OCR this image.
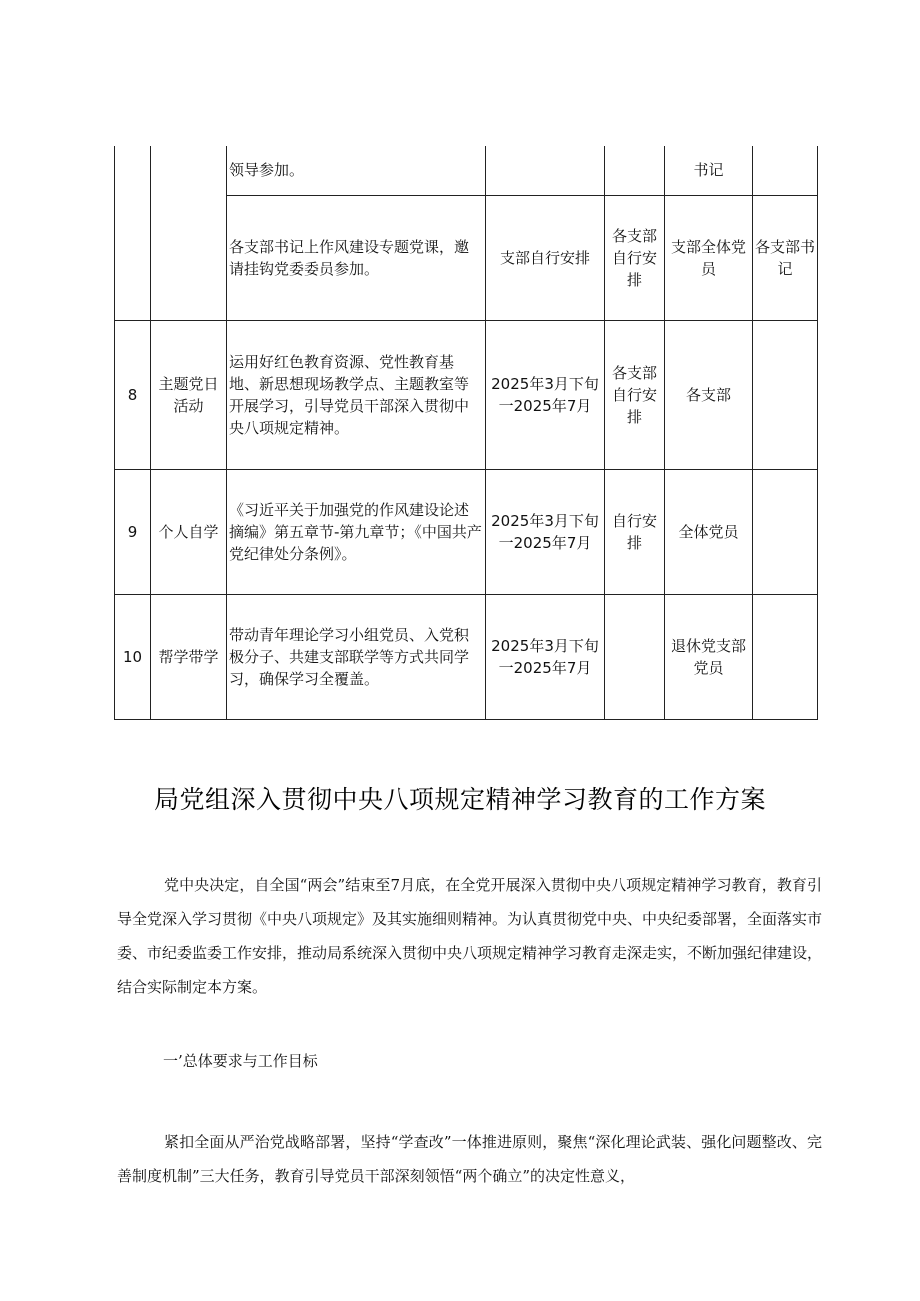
		领导参加。			书记	
		各支部书记上作风建设专题党课，邀请挂钩党委委员参加。	支部自行安排	各支部自行安排	支部全体党员	各支部书记
8	主题党日活动	运用好红色教育资源、党性教育基地、新思想现场教学点、主题教室等开展学习，引导党员干部深入贯彻中央八项规定精神。	2025年3月下旬一2025年7月	各支部自行安排	各支部	
9	个人自学	《习近平关于加强党的作风建设论述摘编》第五章节-第九章节；《中国共产党纪律处分条例》。	2025年3月下旬一2025年7月	自行安排	全体党员	
10	帮学带学	带动青年理论学习小组党员、入党积极分子、共建支部联学等方式共同学习，确保学习全覆盖。	2025年3月下旬一2025年7月		退休党支部党员	
局党组深入贯彻中央八项规定精神学习教育的工作方案

党中央决定，自全国“两会”结束至7月底，在全党开展深入贯彻中央八项规定精神学习教育，教育引导全党深入学习贯彻《中央八项规定》及其实施细则精神。为认真贯彻党中央、中央纪委部署，全面落实市委、市纪委监委工作安排，推动局系统深入贯彻中央八项规定精神学习教育走深走实，不断加强纪律建设，结合实际制定本方案。

一’总体要求与工作目标

紧扣全面从严治党战略部署，坚持“学查改”一体推进原则，聚焦“深化理论武装、强化问题整改、完善制度机制”三大任务，教育引导党员干部深刻领悟“两个确立”的决定性意义，
